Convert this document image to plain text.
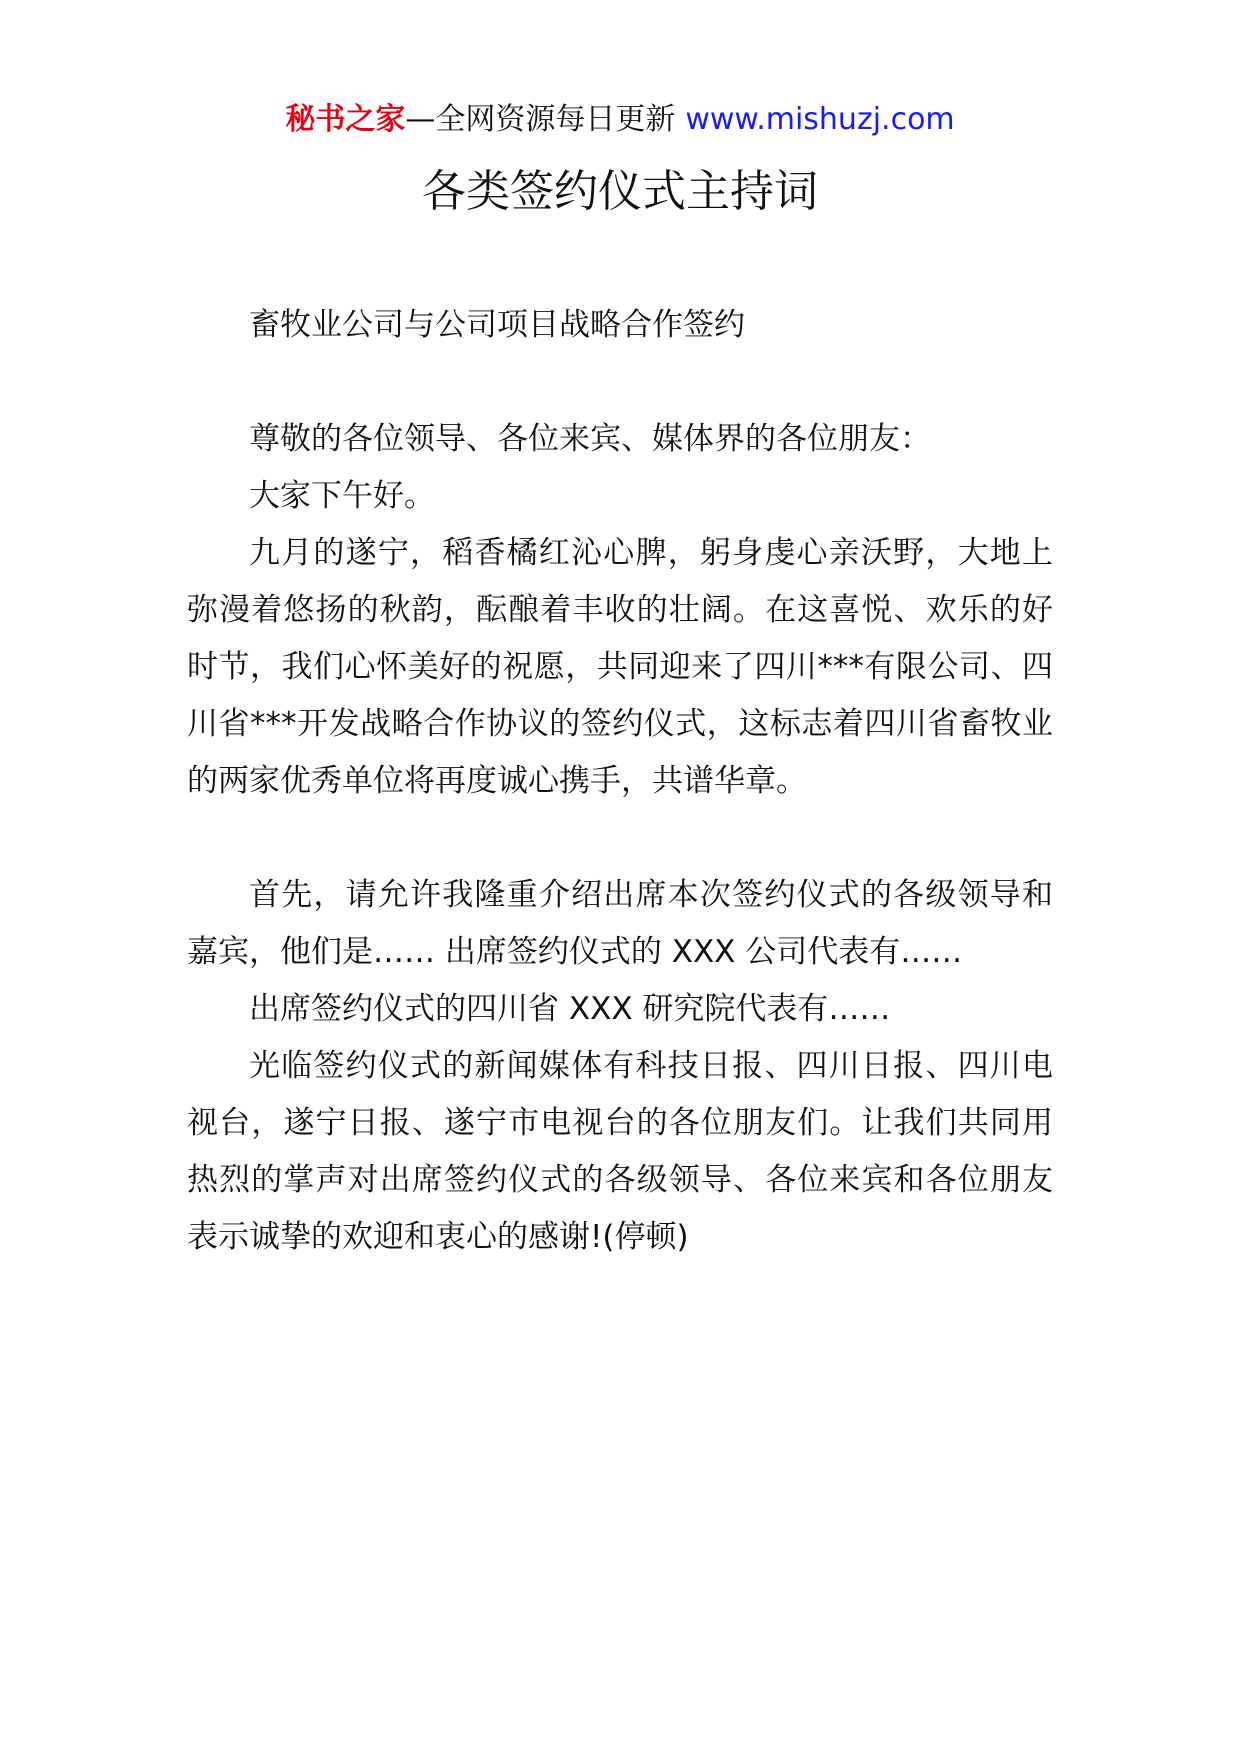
秘书之家—全网资源每日更新 www.mishuzj.com
各类签约仪式主持词

畜牧业公司与公司项目战略合作签约

尊敬的各位领导、各位来宾、媒体界的各位朋友：

大家下午好。

九月的遂宁，稻香橘红沁心脾，躬身虔心亲沃野，大地上弥漫着悠扬的秋韵，酝酿着丰收的壮阔。在这喜悦、欢乐的好时节，我们心怀美好的祝愿，共同迎来了四川***有限公司、四川省***开发战略合作协议的签约仪式，这标志着四川省畜牧业的两家优秀单位将再度诚心携手，共谱华章。

首先，请允许我隆重介绍出席本次签约仪式的各级领导和嘉宾，他们是…… 出席签约仪式的 XXX 公司代表有……

出席签约仪式的四川省 XXX 研究院代表有……

光临签约仪式的新闻媒体有科技日报、四川日报、四川电视台，遂宁日报、遂宁市电视台的各位朋友们。让我们共同用热烈的掌声对出席签约仪式的各级领导、各位来宾和各位朋友表示诚挚的欢迎和衷心的感谢!(停顿)
